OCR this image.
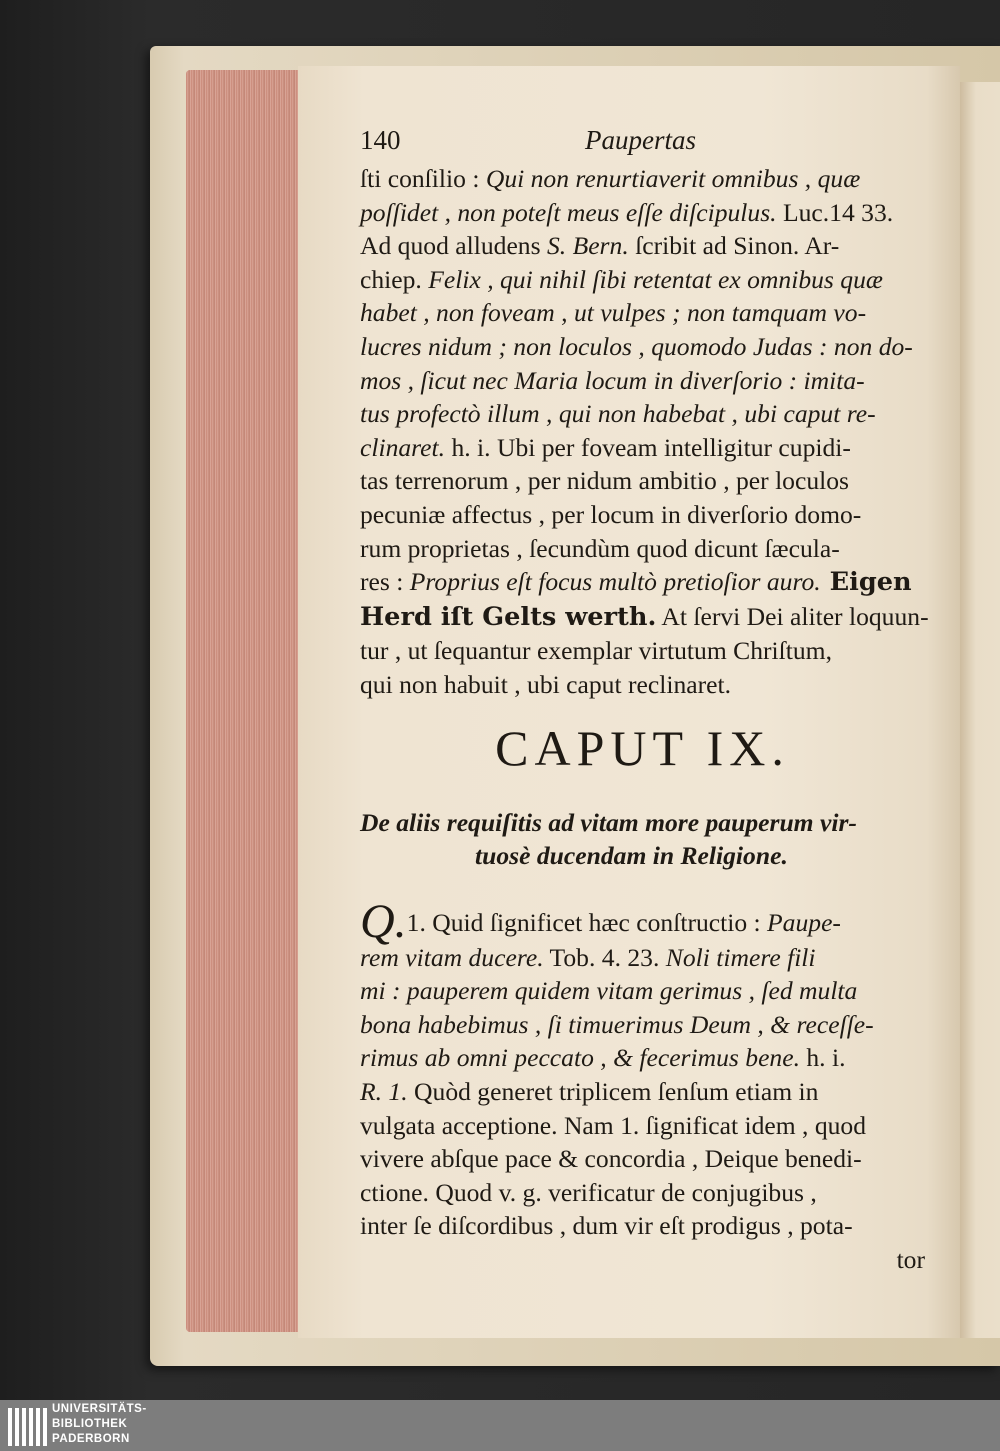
140	Paupertas
ſti conſilio : Qui non renurtiaverit omnibus , quæ
poſſidet , non poteſt meus eſſe diſcipulus. Luc.14 33.
Ad quod alludens S. Bern. ſcribit ad Sinon. Ar-
chiep. Felix , qui nihil ſibi retentat ex omnibus quæ
habet , non foveam , ut vulpes ; non tamquam vo-
lucres nidum ; non loculos , quomodo Judas : non do-
mos , ſicut nec Maria locum in diverſorio : imita-
tus profectò illum , qui non habebat , ubi caput re-
clinaret. h. i. Ubi per foveam intelligitur cupidi-
tas terrenorum , per nidum ambitio , per loculos
pecuniæ affectus , per locum in diverſorio domo-
rum proprietas , ſecundùm quod dicunt ſæcula-
res : Proprius eſt focus multò pretioſior auro. Eigen
Herd iſt Gelts werth. At ſervi Dei aliter loquun-
tur , ut ſequantur exemplar virtutum Chriſtum,
qui non habuit , ubi caput reclinaret.
CAPUT IX.
De aliis requiſitis ad vitam more pauperum vir-
tuosè ducendam in Religione.
Q.1. Quid ſignificet hæc conſtructio : Paupe-
rem vitam ducere. Tob. 4. 23. Noli timere fili
mi : pauperem quidem vitam gerimus , ſed multa
bona habebimus , ſi timuerimus Deum , & receſſe-
rimus ab omni peccato , & fecerimus bene. h. i.
R. 1. Quòd generet triplicem ſenſum etiam in
vulgata acceptione. Nam 1. ſignificat idem , quod
vivere abſque pace & concordia , Deique benedi-
ctione. Quod v. g. verificatur de conjugibus ,
inter ſe diſcordibus , dum vir eſt prodigus , pota-
tor
UNIVERSITÄTS-
BIBLIOTHEK
PADERBORN
